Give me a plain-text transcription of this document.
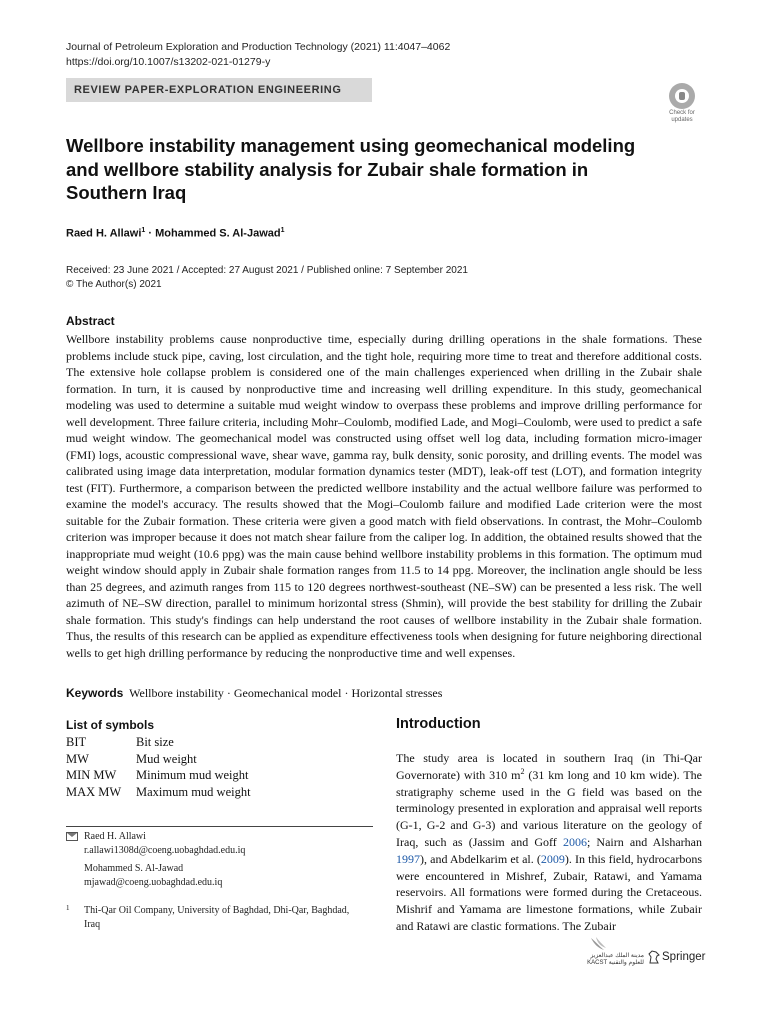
Journal of Petroleum Exploration and Production Technology (2021) 11:4047–4062
https://doi.org/10.1007/s13202-021-01279-y
REVIEW PAPER-EXPLORATION ENGINEERING
Check for
updates
Wellbore instability management using geomechanical modeling and wellbore stability analysis for Zubair shale formation in Southern Iraq
Raed H. Allawi$^1$ · Mohammed S. Al-Jawad$^1$
Received: 23 June 2021 / Accepted: 27 August 2021 / Published online: 7 September 2021
© The Author(s) 2021
Abstract
Wellbore instability problems cause nonproductive time, especially during drilling operations in the shale formations. These problems include stuck pipe, caving, lost circulation, and the tight hole, requiring more time to treat and therefore additional costs. The extensive hole collapse problem is considered one of the main challenges experienced when drilling in the Zubair shale formation. In turn, it is caused by nonproductive time and increasing well drilling expenditure. In this study, geomechanical modeling was used to determine a suitable mud weight window to overpass these problems and improve drilling performance for well development. Three failure criteria, including Mohr–Coulomb, modified Lade, and Mogi–Coulomb, were used to predict a safe mud weight window. The geomechanical model was constructed using offset well log data, including formation micro-imager (FMI) logs, acoustic compressional wave, shear wave, gamma ray, bulk density, sonic porosity, and drilling events. The model was calibrated using image data interpretation, modular formation dynamics tester (MDT), leak-off test (LOT), and formation integrity test (FIT). Furthermore, a comparison between the predicted wellbore instability and the actual wellbore failure was performed to examine the model's accuracy. The results showed that the Mogi–Coulomb failure and modified Lade criterion were the most suitable for the Zubair formation. These criteria were given a good match with field observations. In contrast, the Mohr–Coulomb criterion was improper because it does not match shear failure from the caliper log. In addition, the obtained results showed that the inappropriate mud weight (10.6 ppg) was the main cause behind wellbore instability problems in this formation. The optimum mud weight window should apply in Zubair shale formation ranges from 11.5 to 14 ppg. Moreover, the inclination angle should be less than 25 degrees, and azimuth ranges from 115 to 120 degrees northwest-southeast (NE–SW) can be presented a less risk. The well azimuth of NE–SW direction, parallel to minimum horizontal stress (Shmin), will provide the best stability for drilling the Zubair shale formation. This study's findings can help understand the root causes of wellbore instability in the Zubair shale formation. Thus, the results of this research can be applied as expenditure effectiveness tools when designing for future neighboring directional wells to get high drilling performance by reducing the nonproductive time and well expenses.
Keywords Wellbore instability · Geomechanical model · Horizontal stresses
List of symbols
BIT	Bit size
MW	Mud weight
MIN MW	Minimum mud weight
MAX MW	Maximum mud weight

Raed H. Allawi
r.allawi1308d@coeng.uobaghdad.edu.iq

Mohammed S. Al-Jawad
mjawad@coeng.uobaghdad.edu.iq

1 Thi-Qar Oil Company, University of Baghdad, Dhi-Qar, Baghdad, Iraq
Introduction
The study area is located in southern Iraq (in Thi-Qar Governorate) with 310 $m^2$ (31 km long and 10 km wide). The stratigraphy scheme used in the G field was based on the terminology presented in exploration and appraisal well reports (G-1, G-2 and G-3) and various literature on the geology of Iraq, such as (Jassim and Goff 2006; Nairn and Alsharhan 1997), and Abdelkarim et al. (2009). In this field, hydrocarbons were encountered in Mishref, Zubair, Ratawi, and Yamama reservoirs. All formations were formed during the Cretaceous. Mishrif and Yamama are limestone formations, while Zubair and Ratawi are clastic formations. The Zubair
مدينة الملك عبدالعزيز
KACST للعلوم والتقنية Springer
